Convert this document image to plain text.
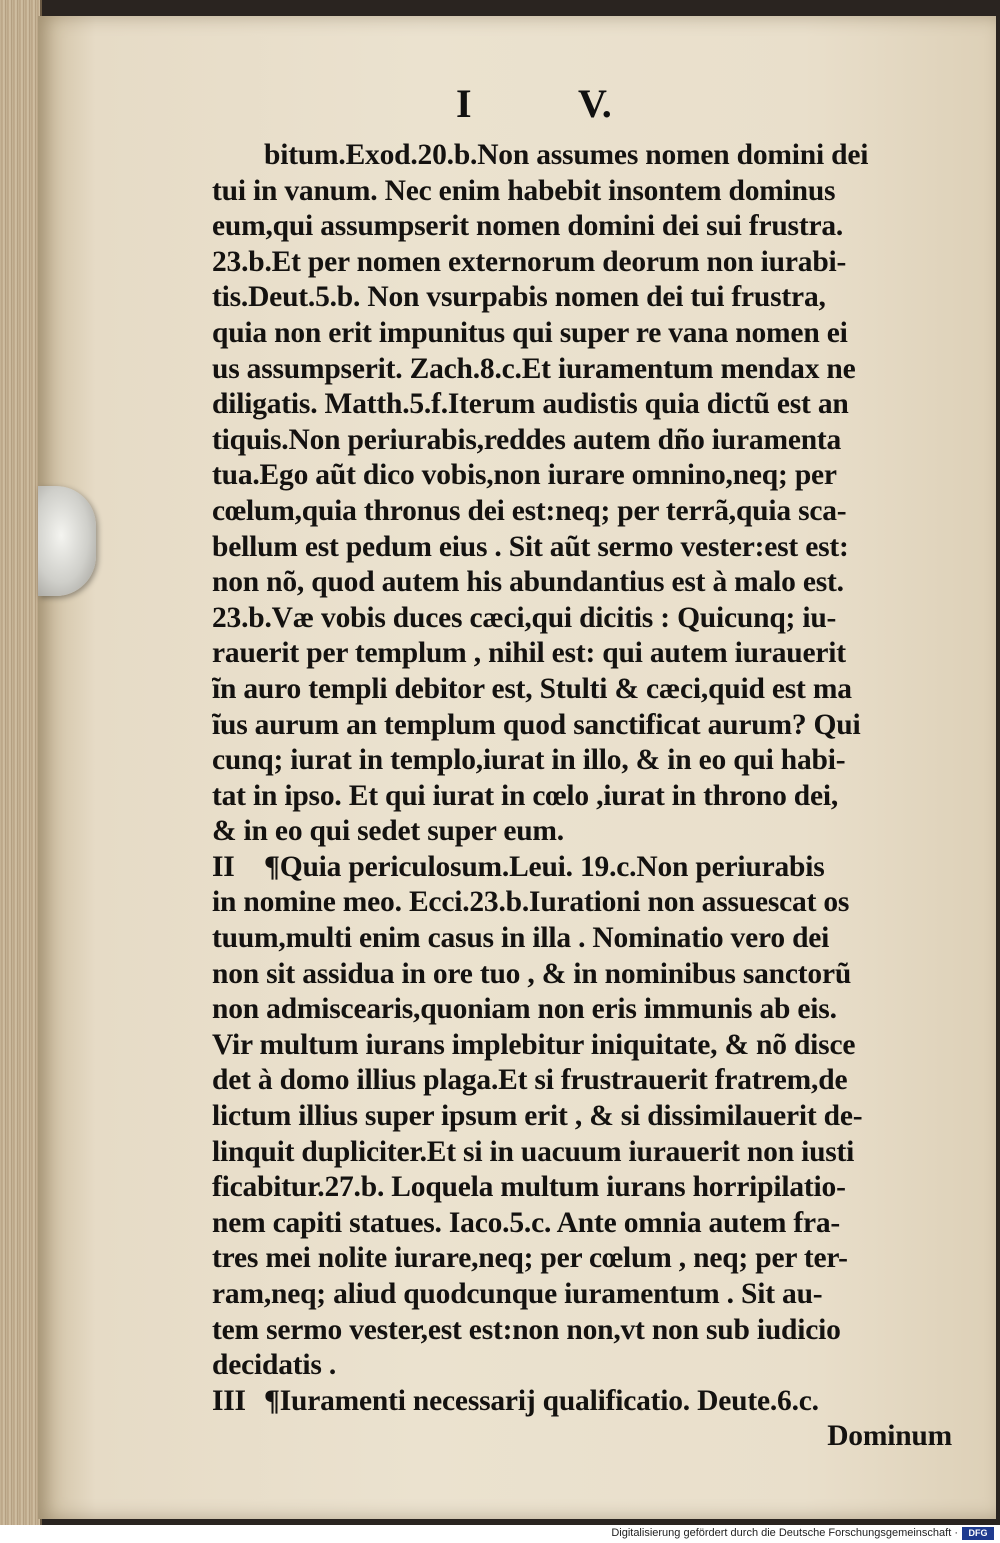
I	V.
bitum.Exod.20.b.Non assumes nomen domini dei
tui in vanum. Nec enim habebit insontem dominus
eum,qui assumpserit nomen domini dei sui frustra.
23.b.Et per nomen externorum deorum non iurabi-
tis.Deut.5.b. Non vsurpabis nomen dei tui frustra,
quia non erit impunitus qui super re vana nomen ei
us assumpserit. Zach.8.c.Et iuramentum mendax ne
diligatis. Matth.5.f.Iterum audistis quia dictũ est an
tiquis.Non periurabis,reddes autem dño iuramenta
tua.Ego aũt dico vobis,non iurare omnino,neq; per
cœlum,quia thronus dei est:neq; per terrã,quia sca-
bellum est pedum eius . Sit aũt sermo vester:est est:
non nõ, quod autem his abundantius est à malo est.
23.b.Væ vobis duces cæci,qui dicitis : Quicunq; iu-
rauerit per templum , nihil est: qui autem iurauerit
ĩn auro templi debitor est, Stulti & cæci,quid est ma
ĩus aurum an templum quod sanctificat aurum? Qui
cunq; iurat in templo,iurat in illo, & in eo qui habi-
tat in ipso. Et qui iurat in cœlo ,iurat in throno dei,
& in eo qui sedet super eum.
II ¶Quia periculosum.Leui. 19.c.Non periurabis
in nomine meo. Ecci.23.b.Iurationi non assuescat os
tuum,multi enim casus in illa . Nominatio vero dei
non sit assidua in ore tuo , & in nominibus sanctorũ
non admiscearis,quoniam non eris immunis ab eis.
Vir multum iurans implebitur iniquitate, & nõ disce
det à domo illius plaga.Et si frustrauerit fratrem,de
lictum illius super ipsum erit , & si dissimilauerit de-
linquit dupliciter.Et si in uacuum iurauerit non iusti
ficabitur.27.b. Loquela multum iurans horripilatio-
nem capiti statues. Iaco.5.c. Ante omnia autem fra-
tres mei nolite iurare,neq; per cœlum , neq; per ter-
ram,neq; aliud quodcunque iuramentum . Sit au-
tem sermo vester,est est:non non,vt non sub iudicio
decidatis .
III ¶Iuramenti necessarij qualificatio. Deute.6.c.
Dominum
Digitalisierung gefördert durch die Deutsche Forschungsgemeinschaft ·	DFG
